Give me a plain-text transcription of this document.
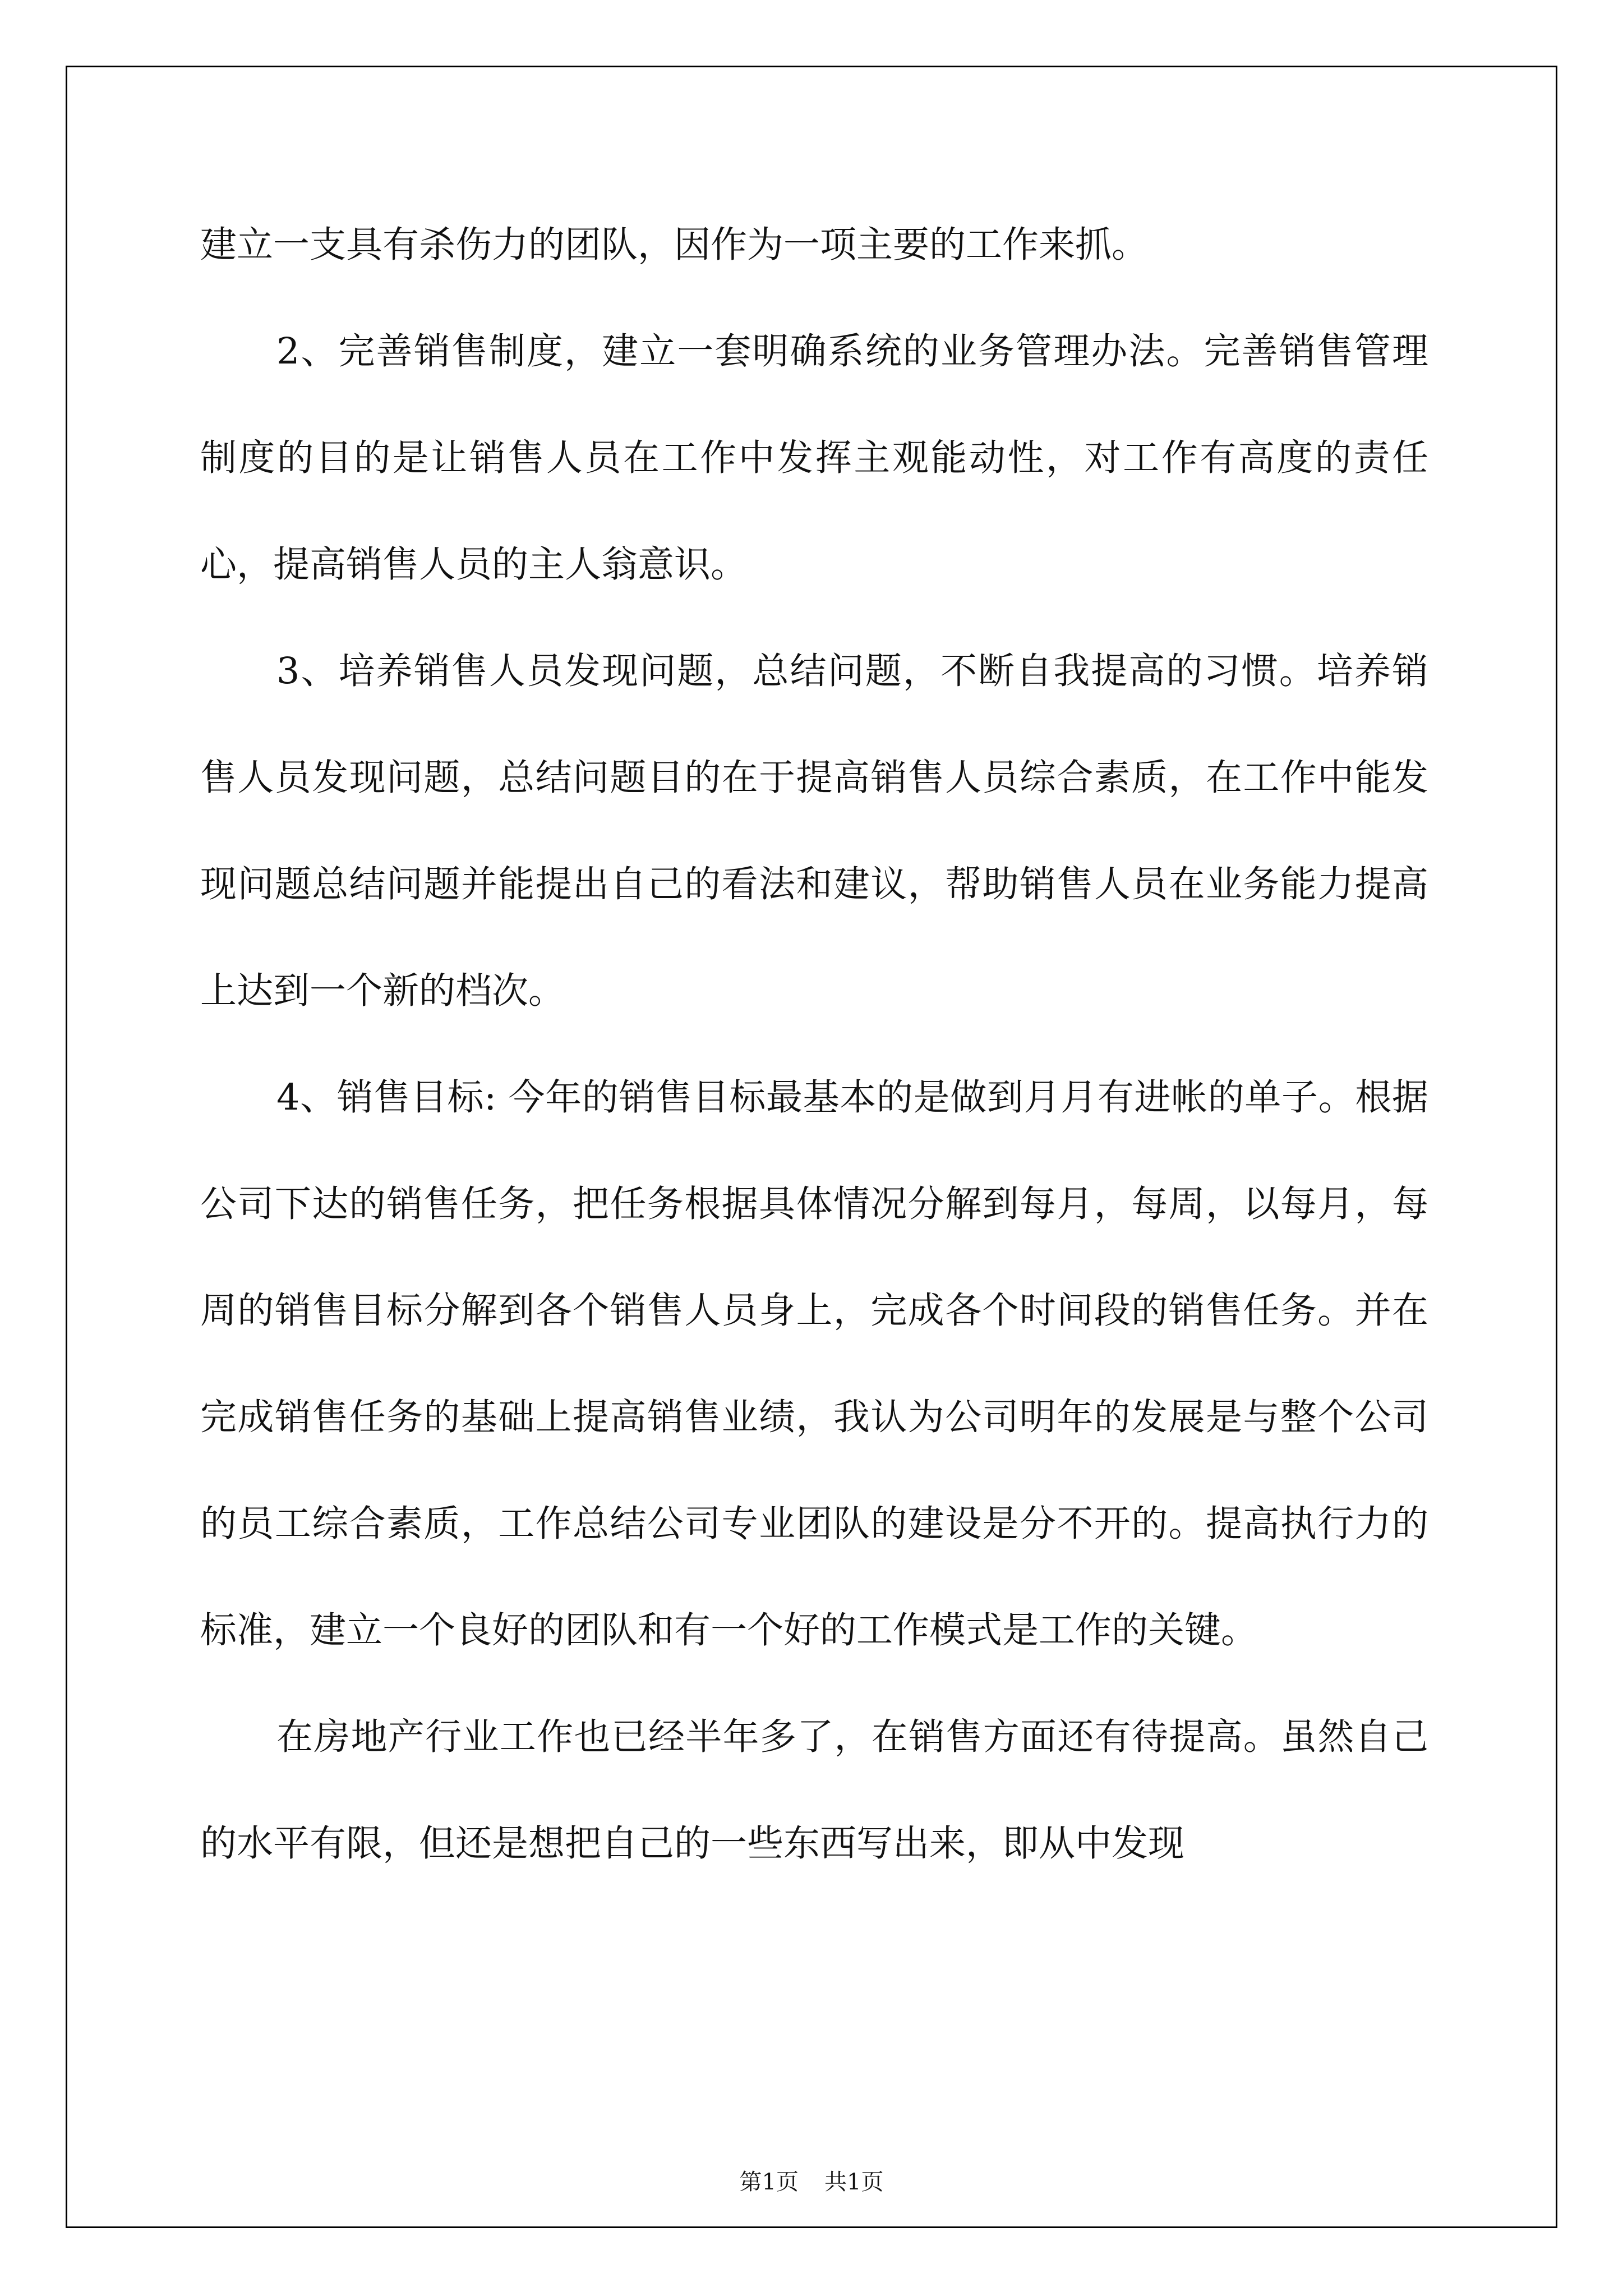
建立一支具有杀伤力的团队，因作为一项主要的工作来抓。

2、完善销售制度，建立一套明确系统的业务管理办法。完善销售管理制度的目的是让销售人员在工作中发挥主观能动性，对工作有高度的责任心，提高销售人员的主人翁意识。

3、培养销售人员发现问题，总结问题，不断自我提高的习惯。培养销售人员发现问题，总结问题目的在于提高销售人员综合素质，在工作中能发现问题总结问题并能提出自己的看法和建议，帮助销售人员在业务能力提高上达到一个新的档次。

4、销售目标: 今年的销售目标最基本的是做到月月有进帐的单子。根据公司下达的销售任务，把任务根据具体情况分解到每月，每周，以每月，每周的销售目标分解到各个销售人员身上，完成各个时间段的销售任务。并在完成销售任务的基础上提高销售业绩，我认为公司明年的发展是与整个公司的员工综合素质，工作总结公司专业团队的建设是分不开的。提高执行力的标准，建立一个良好的团队和有一个好的工作模式是工作的关键。

在房地产行业工作也已经半年多了，在销售方面还有待提高。虽然自己的水平有限，但还是想把自己的一些东西写出来，即从中发现

第1页 共1页
